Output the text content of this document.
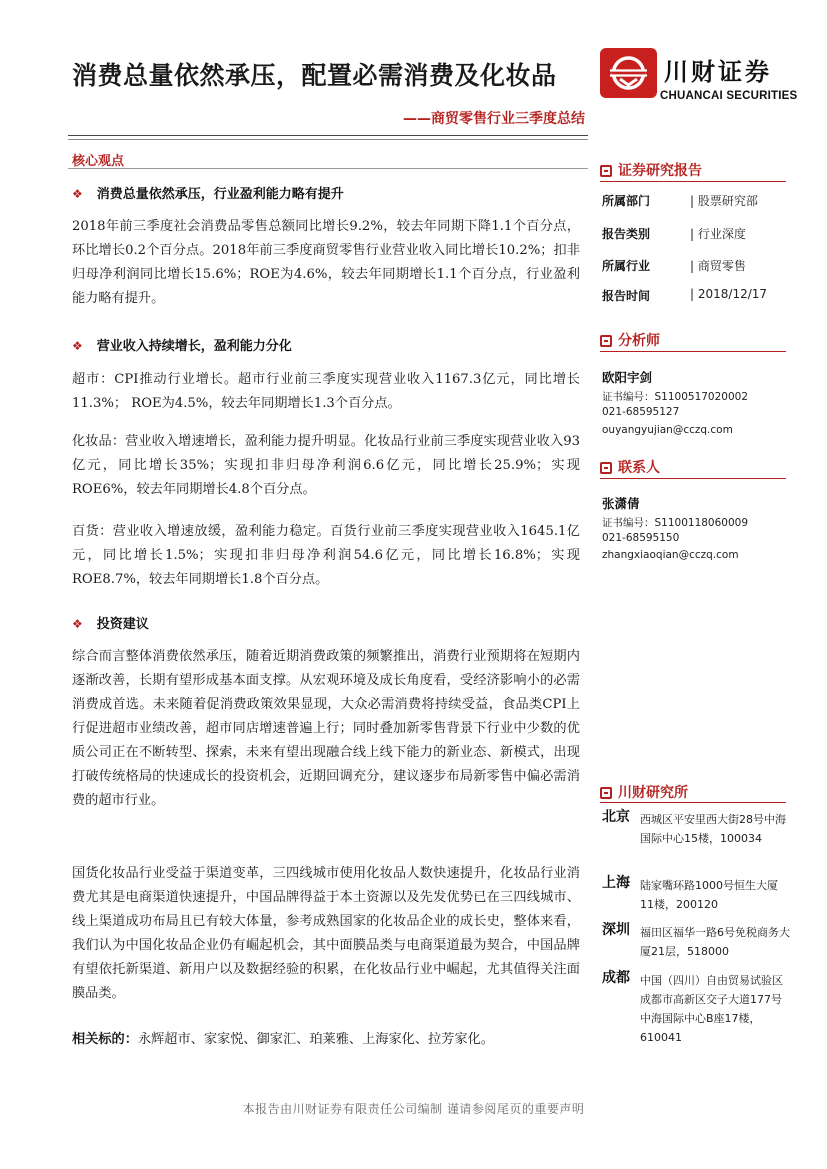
消费总量依然承压，配置必需消费及化妆品
——商贸零售行业三季度总结
川财证券
CHUANCAI SECURITIES
核心观点
❖ 消费总量依然承压，行业盈利能力略有提升
2018年前三季度社会消费品零售总额同比增长9.2%，较去年同期下降1.1个百分点，环比增长0.2个百分点。2018年前三季度商贸零售行业营业收入同比增长10.2%；扣非归母净利润同比增长15.6%；ROE为4.6%，较去年同期增长1.1个百分点，行业盈利能力略有提升。
❖ 营业收入持续增长，盈利能力分化
超市：CPI推动行业增长。超市行业前三季度实现营业收入1167.3亿元，同比增长11.3%； ROE为4.5%，较去年同期增长1.3个百分点。
化妆品：营业收入增速增长，盈利能力提升明显。化妆品行业前三季度实现营业收入93亿元，同比增长35%；实现扣非归母净利润6.6亿元，同比增长25.9%；实现ROE6%，较去年同期增长4.8个百分点。
百货：营业收入增速放缓，盈利能力稳定。百货行业前三季度实现营业收入1645.1亿元，同比增长1.5%；实现扣非归母净利润54.6亿元，同比增长16.8%；实现ROE8.7%，较去年同期增长1.8个百分点。
❖ 投资建议
综合而言整体消费依然承压，随着近期消费政策的频繁推出，消费行业预期将在短期内逐渐改善，长期有望形成基本面支撑。从宏观环境及成长角度看，受经济影响小的必需消费成首选。未来随着促消费政策效果显现，大众必需消费将持续受益，食品类CPI上行促进超市业绩改善，超市同店增速普遍上行；同时叠加新零售背景下行业中少数的优质公司正在不断转型、探索，未来有望出现融合线上线下能力的新业态、新模式，出现打破传统格局的快速成长的投资机会，近期回调充分，建议逐步布局新零售中偏必需消费的超市行业。
国货化妆品行业受益于渠道变革，三四线城市使用化妆品人数快速提升，化妆品行业消费尤其是电商渠道快速提升，中国品牌得益于本土资源以及先发优势已在三四线城市、线上渠道成功布局且已有较大体量，参考成熟国家的化妆品企业的成长史，整体来看，我们认为中国化妆品企业仍有崛起机会，其中面膜品类与电商渠道最为契合，中国品牌有望依托新渠道、新用户以及数据经验的积累，在化妆品行业中崛起，尤其值得关注面膜品类。
相关标的：永辉超市、家家悦、御家汇、珀莱雅、上海家化、拉芳家化。
证券研究报告
所属部门	| 股票研究部
报告类别	| 行业深度
所属行业	| 商贸零售
报告时间	| 2018/12/17
分析师
欧阳宇剑
证书编号：S1100517020002
021-68595127
ouyangyujian@cczq.com
联系人
张潇倩
证书编号：S1100118060009
021-68595150
zhangxiaoqian@cczq.com
川财研究所
北京 西城区平安里西大街28号中海国际中心15楼，100034
上海 陆家嘴环路1000号恒生大厦11楼，200120
深圳 福田区福华一路6号免税商务大厦21层，518000
成都 中国（四川）自由贸易试验区成都市高新区交子大道177号中海国际中心B座17楼，610041
本报告由川财证券有限责任公司编制 谨请参阅尾页的重要声明
